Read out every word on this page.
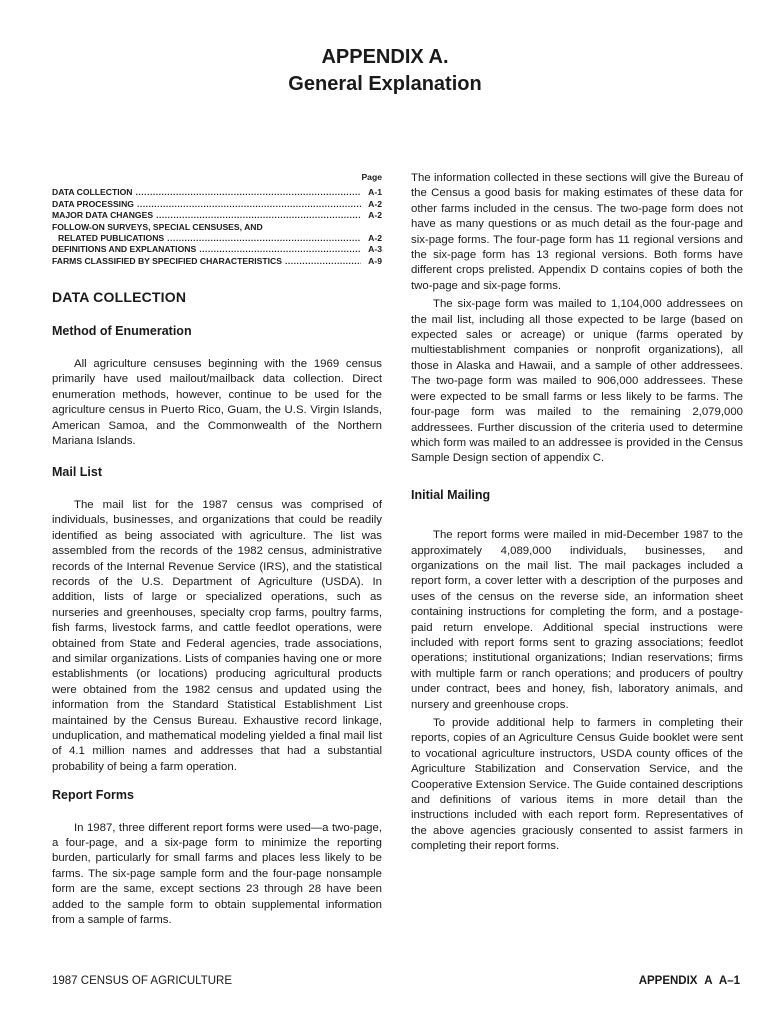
APPENDIX A.
General Explanation
Page
DATA COLLECTION .....	A-1
DATA PROCESSING .....	A-2
MAJOR DATA CHANGES .....	A-2
FOLLOW-ON SURVEYS, SPECIAL CENSUSES, AND
RELATED PUBLICATIONS .....	A-2
DEFINITIONS AND EXPLANATIONS .....	A-3
FARMS CLASSIFIED BY SPECIFIED CHARACTERISTICS .....	A-9
DATA COLLECTION
Method of Enumeration

All agriculture censuses beginning with the 1969 census primarily have used mailout/mailback data collection. Direct enumeration methods, however, continue to be used for the agriculture census in Puerto Rico, Guam, the U.S. Virgin Islands, American Samoa, and the Commonwealth of the Northern Mariana Islands.

Mail List

The mail list for the 1987 census was comprised of individuals, businesses, and organizations that could be readily identified as being associated with agriculture. The list was assembled from the records of the 1982 census, administrative records of the Internal Revenue Service (IRS), and the statistical records of the U.S. Department of Agriculture (USDA). In addition, lists of large or specialized operations, such as nurseries and greenhouses, specialty crop farms, poultry farms, fish farms, livestock farms, and cattle feedlot operations, were obtained from State and Federal agencies, trade associations, and similar organizations. Lists of companies having one or more establishments (or locations) producing agricultural products were obtained from the 1982 census and updated using the information from the Standard Statistical Establishment List maintained by the Census Bureau. Exhaustive record linkage, unduplication, and mathematical modeling yielded a final mail list of 4.1 million names and addresses that had a substantial probability of being a farm operation.

Report Forms

In 1987, three different report forms were used—a two-page, a four-page, and a six-page form to minimize the reporting burden, particularly for small farms and places less likely to be farms. The six-page sample form and the four-page nonsample form are the same, except sections 23 through 28 have been added to the sample form to obtain supplemental information from a sample of farms.

The information collected in these sections will give the Bureau of the Census a good basis for making estimates of these data for other farms included in the census. The two-page form does not have as many questions or as much detail as the four-page and six-page forms. The four-page form has 11 regional versions and the six-page form has 13 regional versions. Both forms have different crops prelisted. Appendix D contains copies of both the two-page and six-page forms.

The six-page form was mailed to 1,104,000 addressees on the mail list, including all those expected to be large (based on expected sales or acreage) or unique (farms operated by multiestablishment companies or nonprofit organizations), all those in Alaska and Hawaii, and a sample of other addressees. The two-page form was mailed to 906,000 addressees. These were expected to be small farms or less likely to be farms. The four-page form was mailed to the remaining 2,079,000 addressees. Further discussion of the criteria used to determine which form was mailed to an addressee is provided in the Census Sample Design section of appendix C.

Initial Mailing

The report forms were mailed in mid-December 1987 to the approximately 4,089,000 individuals, businesses, and organizations on the mail list. The mail packages included a report form, a cover letter with a description of the purposes and uses of the census on the reverse side, an information sheet containing instructions for completing the form, and a postage-paid return envelope. Additional special instructions were included with report forms sent to grazing associations; feedlot operations; institutional organizations; Indian reservations; firms with multiple farm or ranch operations; and producers of poultry under contract, bees and honey, fish, laboratory animals, and nursery and greenhouse crops.

To provide additional help to farmers in completing their reports, copies of an Agriculture Census Guide booklet were sent to vocational agriculture instructors, USDA county offices of the Agriculture Stabilization and Conservation Service, and the Cooperative Extension Service. The Guide contained descriptions and definitions of various items in more detail than the instructions included with each report form. Representatives of the above agencies graciously consented to assist farmers in completing their report forms.

1987 CENSUS OF AGRICULTURE	APPENDIX A A–1
